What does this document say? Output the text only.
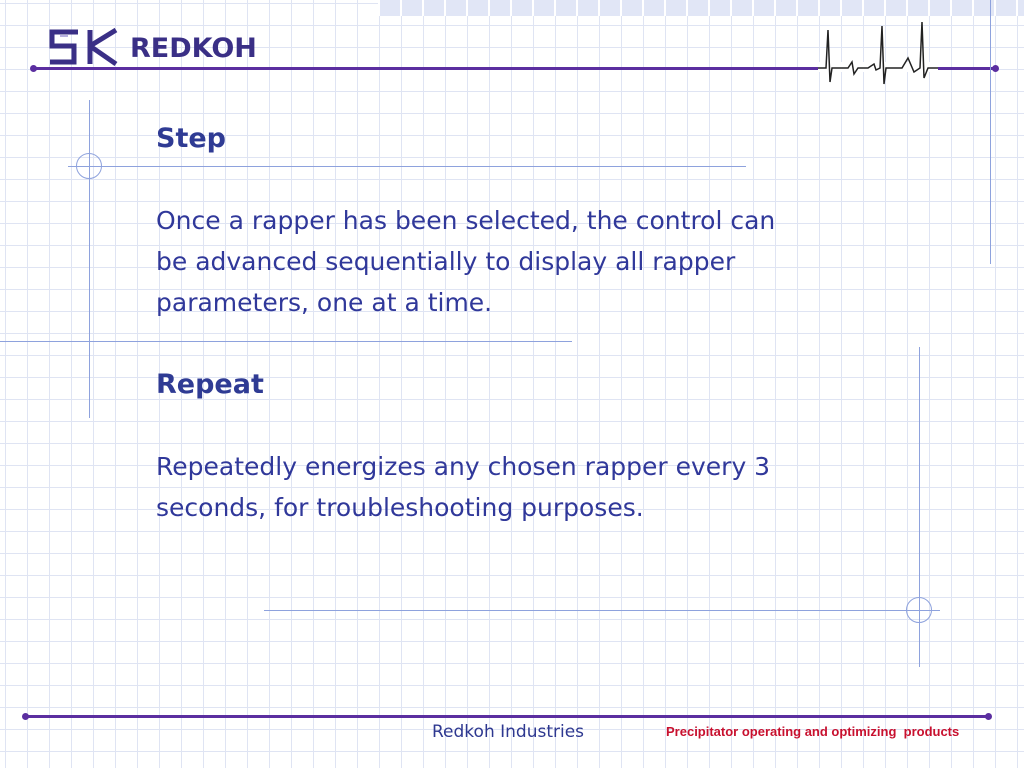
REDKOH
Step

Once a rapper has been selected, the control can be advanced sequentially to display all rapper parameters, one at a time.

Repeat

Repeatedly energizes any chosen rapper every 3 seconds, for troubleshooting purposes.

Redkoh Industries	Precipitator operating and optimizing  products
